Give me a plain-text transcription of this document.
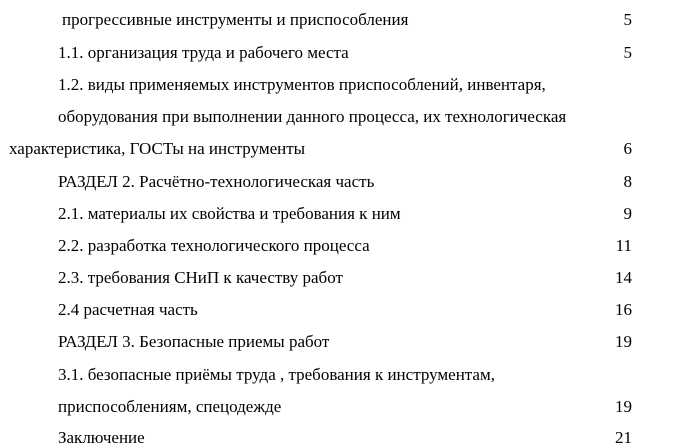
прогрессивные инструменты и приспособления	5
1.1. организация труда и рабочего места	5
1.2. виды применяемых инструментов приспособлений, инвентаря,
оборудования при выполнении данного процесса, их технологическая
характеристика, ГОСТы на инструменты	6
РАЗДЕЛ 2. Расчётно-технологическая часть	8
2.1. материалы их свойства и требования к ним	9
2.2. разработка технологического процесса	11
2.3. требования СНиП к качеству работ	14
2.4 расчетная часть	16
РАЗДЕЛ 3. Безопасные приемы работ	19
3.1. безопасные приёмы труда , требования к инструментам,
приспособлениям, спецодежде	19
Заключение	21
